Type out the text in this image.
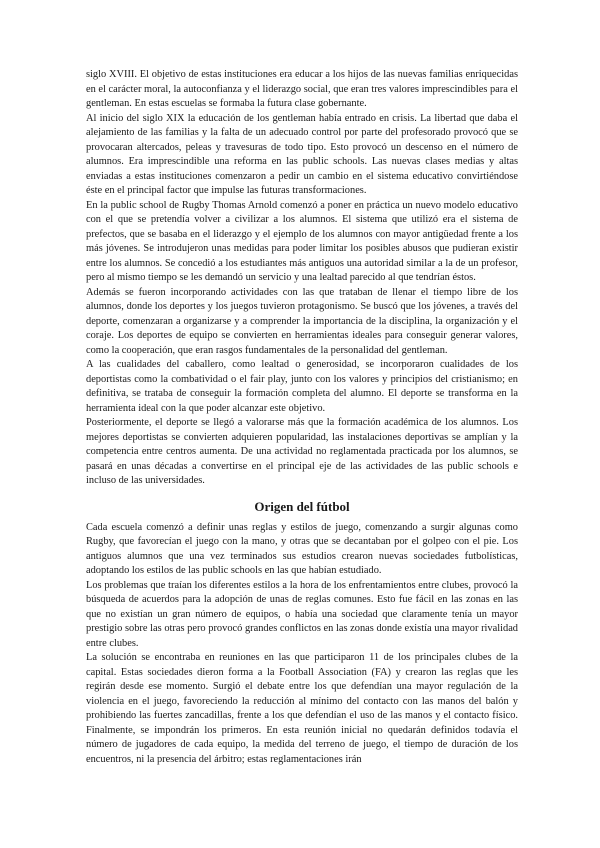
siglo XVIII. El objetivo de estas instituciones era educar a los hijos de las nuevas familias enriquecidas en el carácter moral, la autoconfianza y el liderazgo social, que eran tres valores imprescindibles para el gentleman. En estas escuelas se formaba la futura clase gobernante.

Al inicio del siglo XIX la educación de los gentleman había entrado en crisis. La libertad que daba el alejamiento de las familias y la falta de un adecuado control por parte del profesorado provocó que se provocaran altercados, peleas y travesuras de todo tipo. Esto provocó un descenso en el número de alumnos. Era imprescindible una reforma en las public schools. Las nuevas clases medias y altas enviadas a estas instituciones comenzaron a pedir un cambio en el sistema educativo convirtiéndose éste en el principal factor que impulse las futuras transformaciones.

En la public school de Rugby Thomas Arnold comenzó a poner en práctica un nuevo modelo educativo con el que se pretendía volver a civilizar a los alumnos. El sistema que utilizó era el sistema de prefectos, que se basaba en el liderazgo y el ejemplo de los alumnos con mayor antigüedad frente a los más jóvenes. Se introdujeron unas medidas para poder limitar los posibles abusos que pudieran existir entre los alumnos. Se concedió a los estudiantes más antiguos una autoridad similar a la de un profesor, pero al mismo tiempo se les demandó un servicio y una lealtad parecido al que tendrían éstos.

Además se fueron incorporando actividades con las que trataban de llenar el tiempo libre de los alumnos, donde los deportes y los juegos tuvieron protagonismo. Se buscó que los jóvenes, a través del deporte, comenzaran a organizarse y a comprender la importancia de la disciplina, la organización y el coraje. Los deportes de equipo se convierten en herramientas ideales para conseguir generar valores, como la cooperación, que eran rasgos fundamentales de la personalidad del gentleman.

A las cualidades del caballero, como lealtad o generosidad, se incorporaron cualidades de los deportistas como la combatividad o el fair play, junto con los valores y principios del cristianismo; en definitiva, se trataba de conseguir la formación completa del alumno. El deporte se transforma en la herramienta ideal con la que poder alcanzar este objetivo.

Posteriormente, el deporte se llegó a valorarse más que la formación académica de los alumnos. Los mejores deportistas se convierten adquieren popularidad, las instalaciones deportivas se amplían y la competencia entre centros aumenta. De una actividad no reglamentada practicada por los alumnos, se pasará en unas décadas a convertirse en el principal eje de las actividades de las public schools e incluso de las universidades.

Origen del fútbol

Cada escuela comenzó a definir unas reglas y estilos de juego, comenzando a surgir algunas como Rugby, que favorecían el juego con la mano, y otras que se decantaban por el golpeo con el pie. Los antiguos alumnos que una vez terminados sus estudios crearon nuevas sociedades futbolísticas, adoptando los estilos de las public schools en las que habían estudiado.

Los problemas que traían los diferentes estilos a la hora de los enfrentamientos entre clubes, provocó la búsqueda de acuerdos para la adopción de unas de reglas comunes. Esto fue fácil en las zonas en las que no existían un gran número de equipos, o había una sociedad que claramente tenía un mayor prestigio sobre las otras pero provocó grandes conflictos en las zonas donde existía una mayor rivalidad entre clubes.

La solución se encontraba en reuniones en las que participaron 11 de los principales clubes de la capital. Estas sociedades dieron forma a la Football Association (FA) y crearon las reglas que les regirán desde ese momento. Surgió el debate entre los que defendían una mayor regulación de la violencia en el juego, favoreciendo la reducción al mínimo del contacto con las manos del balón y prohibiendo las fuertes zancadillas, frente a los que defendían el uso de las manos y el contacto físico. Finalmente, se impondrán los primeros. En esta reunión inicial no quedarán definidos todavía el número de jugadores de cada equipo, la medida del terreno de juego, el tiempo de duración de los encuentros, ni la presencia del árbitro; estas reglamentaciones irán
